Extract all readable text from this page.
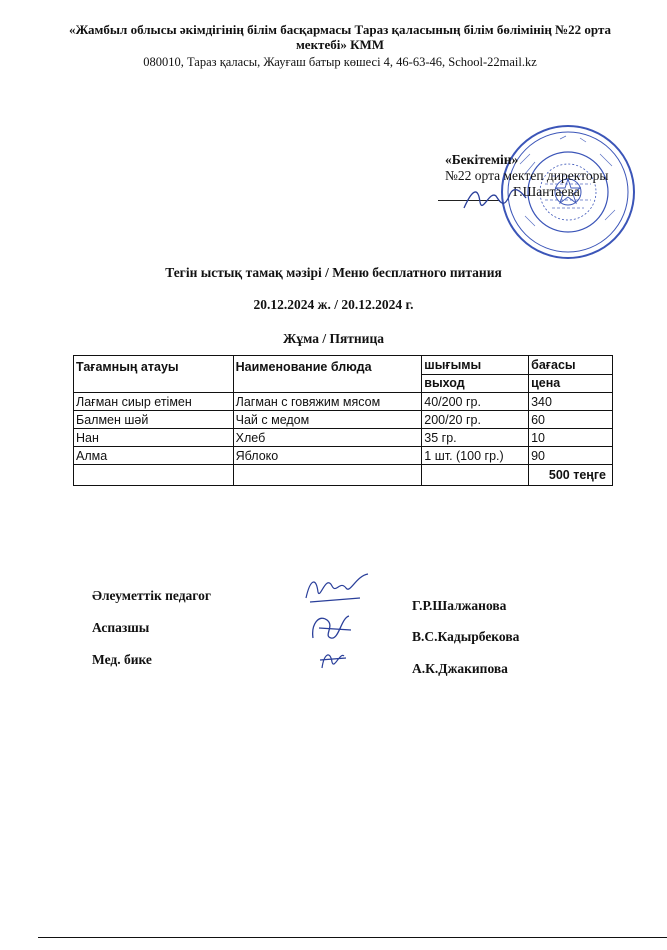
«Жамбыл облысы әкімдігінің білім басқармасы Тараз қаласының білім бөлімінің №22 орта мектебі» КММ
080010, Тараз қаласы, Жауғаш батыр көшесі 4, 46-63-46, School-22mail.kz
«Бекітемін»
№22 орта мектеп директоры
Г.Шантаева
Тегін ыстық тамақ мәзірі / Меню бесплатного питания
20.12.2024 ж. / 20.12.2024 г.
Жұма / Пятница
Тағамның атауы	Наименование блюда	шығымы	бағасы
		выход	цена
Лағман сиыр етімен	Лагман с говяжим мясом	40/200 гр.	340
Балмен шәй	Чай с медом	200/20 гр.	60
Нан	Хлеб	35 гр.	10
Алма	Яблоко	1 шт. (100 гр.)	90
			500 теңге
Әлеуметтік педагог
Аспазшы
Мед. бике
Г.Р.Шалжанова
В.С.Кадырбекова
А.К.Джакипова
